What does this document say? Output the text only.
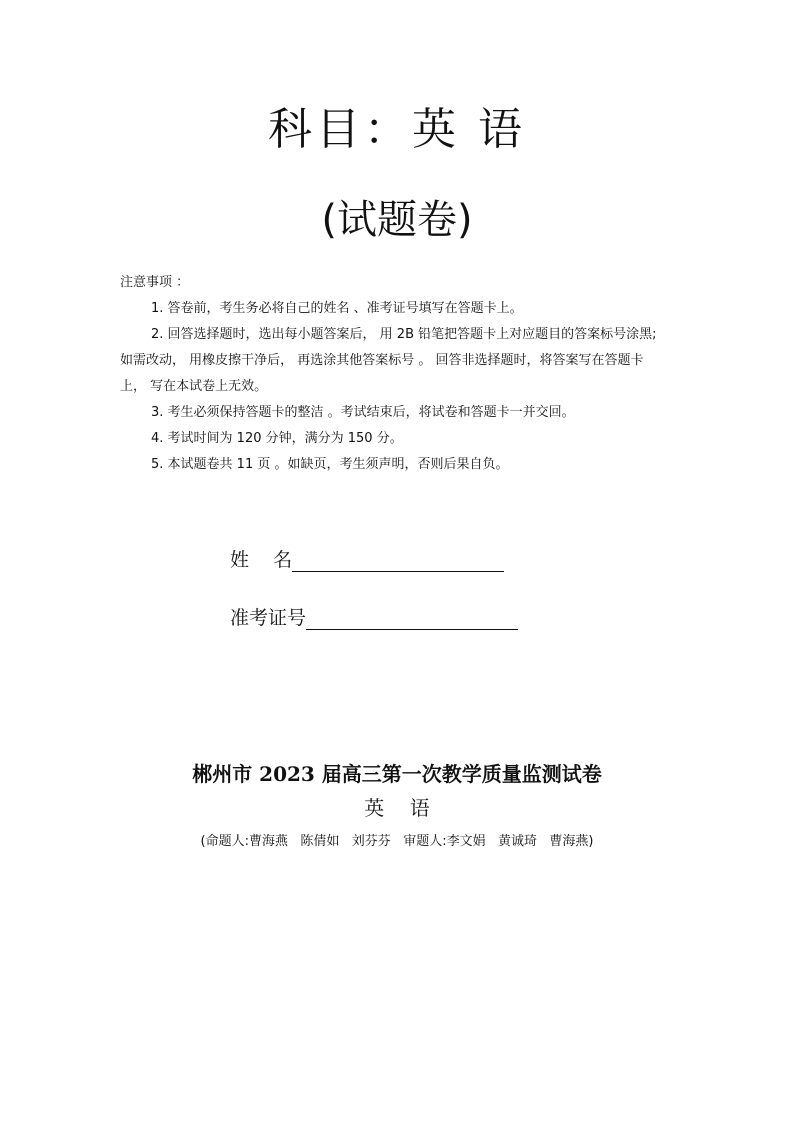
科目：英 语
(试题卷)
注意事项 ：

1. 答卷前，考生务必将自己的姓名 、准考证号填写在答题卡上。

2. 回答选择题时，选出每小题答案后， 用 2B 铅笔把答题卡上对应题目的答案标号涂黑; 如需改动， 用橡皮擦干净后， 再选涂其他答案标号 。 回答非选择题时，将答案写在答题卡上， 写在本试卷上无效。

3. 考生必须保持答题卡的整洁 。考试结束后，将试卷和答题卡一并交回。

4. 考试时间为 120 分钟，满分为 150 分。

5. 本试题卷共 11 页 。如缺页，考生须声明，否则后果自负。

姓    名
准考证号
郴州市 2023 届高三第一次教学质量监测试卷
英    语
(命题人:曹海燕   陈倩如   刘芬芬   审题人:李文娟   黄诚琦   曹海燕)
